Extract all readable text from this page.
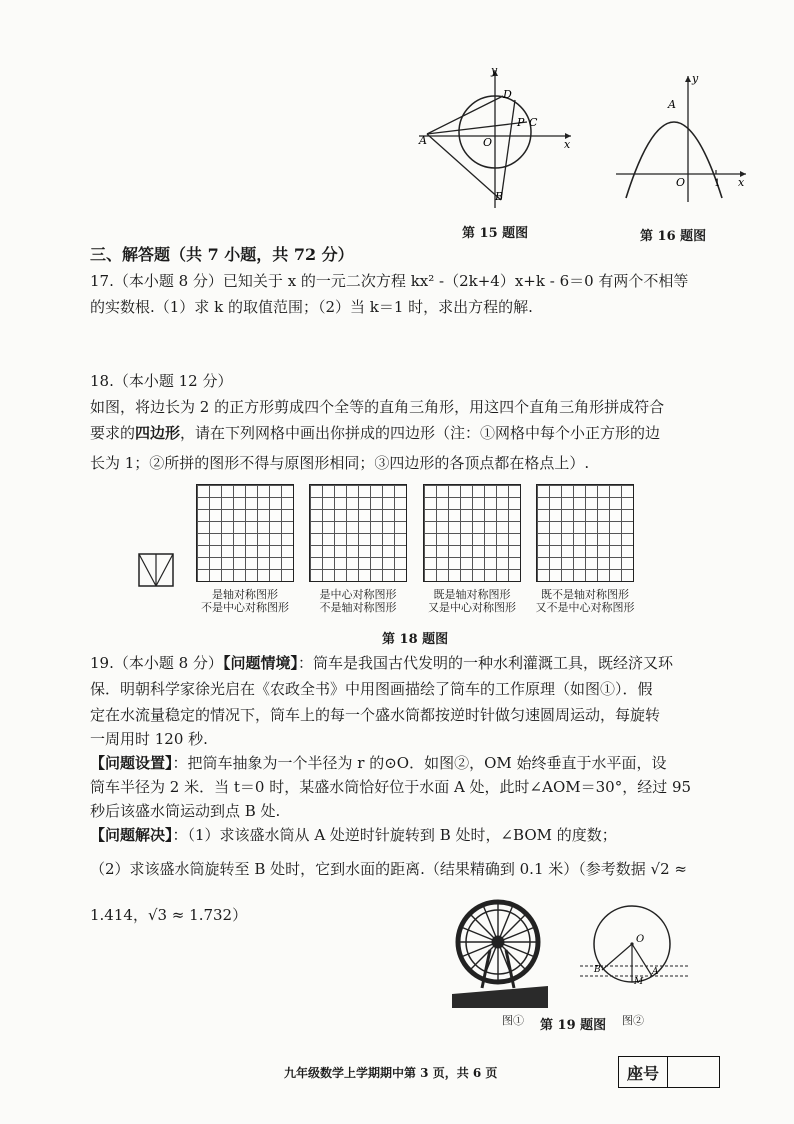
y
x
D
P C
A	O
B
第 15 题图
y
x
A
O	1
第 16 题图
三、解答题（共 7 小题，共 72 分）
17.（本小题 8 分）已知关于 x 的一元二次方程 kx² -（2k+4）x+k - 6＝0 有两个不相等
的实数根.（1）求 k 的取值范围；（2）当 k＝1 时，求出方程的解.
18.（本小题 12 分）
如图，将边长为 2 的正方形剪成四个全等的直角三角形，用这四个直角三角形拼成符合
要求的四边形，请在下列网格中画出你拼成的四边形（注：①网格中每个小正方形的边
长为 1；②所拼的图形不得与原图形相同；③四边形的各顶点都在格点上）.
是轴对称图形
不是中心对称图形
是中心对称图形
不是轴对称图形
既是轴对称图形
又是中心对称图形
既不是轴对称图形
又不是中心对称图形
第 18 题图
19.（本小题 8 分）【问题情境】：筒车是我国古代发明的一种水利灌溉工具，既经济又环
保．明朝科学家徐光启在《农政全书》中用图画描绘了筒车的工作原理（如图①）．假
定在水流量稳定的情况下，筒车上的每一个盛水筒都按逆时针做匀速圆周运动，每旋转
一周用时 120 秒.
【问题设置】：把筒车抽象为一个半径为 r 的⊙O．如图②，OM 始终垂直于水平面，设
筒车半径为 2 米．当 t＝0 时，某盛水筒恰好位于水面 A 处，此时∠AOM＝30°，经过 95
秒后该盛水筒运动到点 B 处.
【问题解决】：（1）求该盛水筒从 A 处逆时针旋转到 B 处时，∠BOM 的度数；
（2）求该盛水筒旋转至 B 处时，它到水面的距离.（结果精确到 0.1 米）（参考数据 √2 ≈
1.414，√3 ≈ 1.732）
图① 第 19 题图
O
B	A
M
图②
九年级数学上学期期中第 3 页，共 6 页	座号
